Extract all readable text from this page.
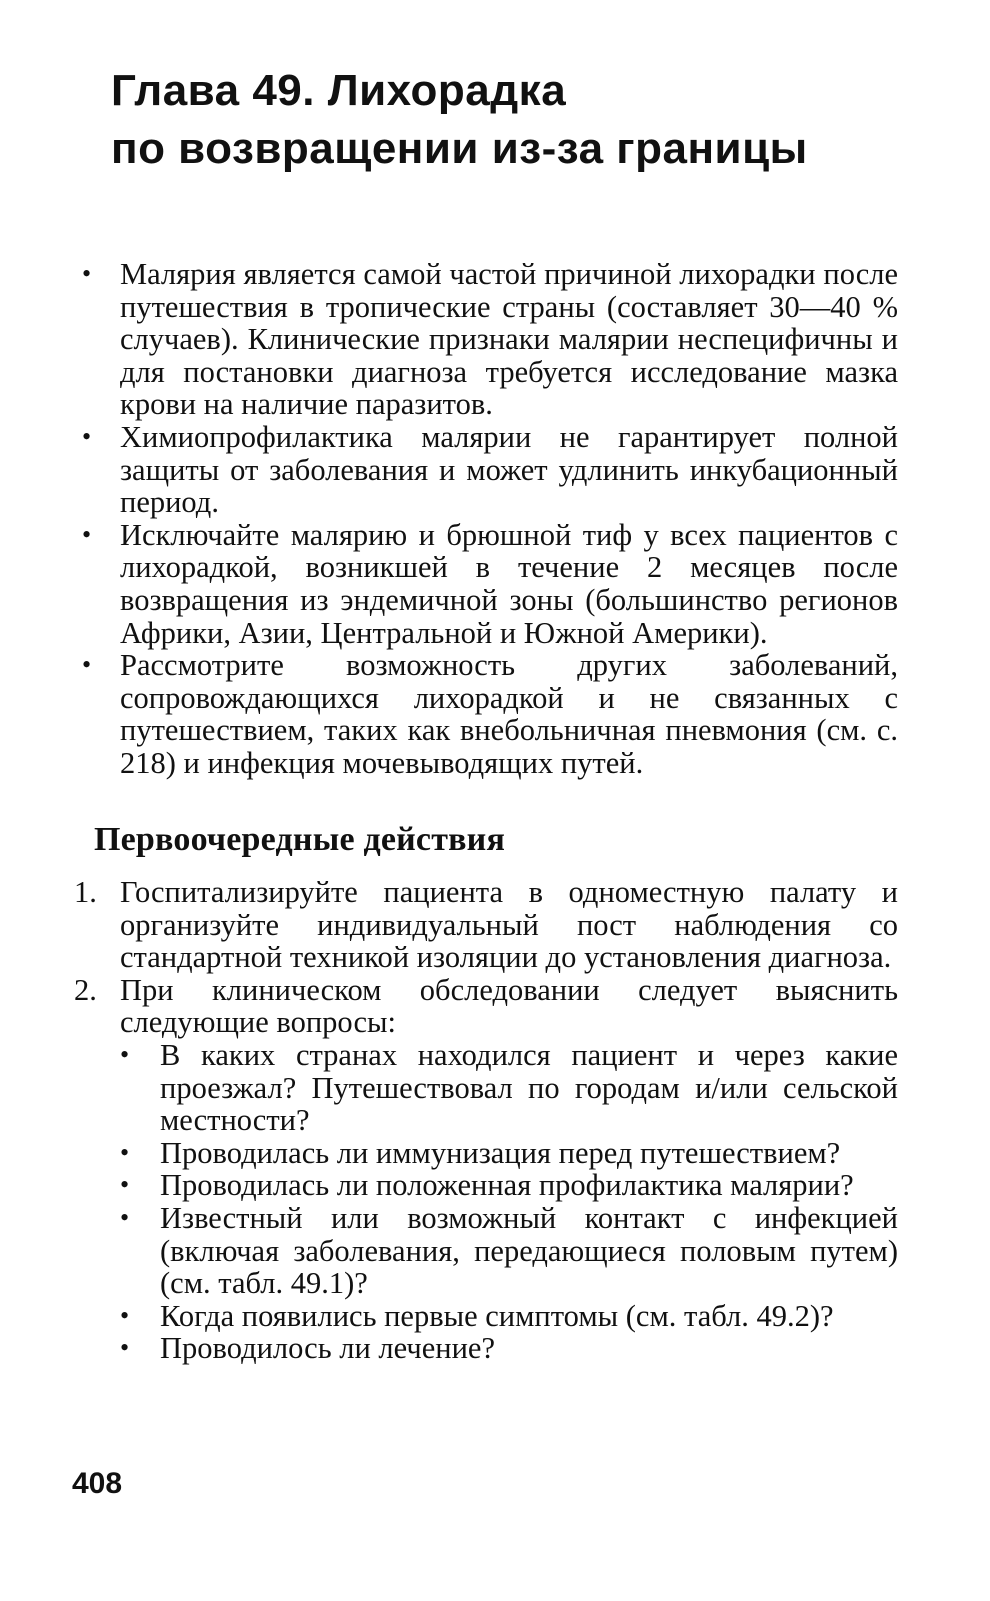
Глава 49. Лихорадка
по возвращении из-за границы
• Малярия является самой частой причиной лихорадки после путешествия в тропические страны (составляет 30—40 % случаев). Клинические признаки малярии неспецифичны и для постановки диагноза требуется исследование мазка крови на наличие паразитов.
• Химиопрофилактика малярии не гарантирует полной защиты от заболевания и может удлинить инкубационный период.
• Исключайте малярию и брюшной тиф у всех пациентов с лихорадкой, возникшей в течение 2 месяцев после возвращения из эндемичной зоны (большинство регионов Африки, Азии, Центральной и Южной Америки).
• Рассмотрите возможность других заболеваний, сопровождающихся лихорадкой и не связанных с путешествием, таких как внебольничная пневмония (см. с. 218) и инфекция мочевыводящих путей.
Первоочередные действия
1. Госпитализируйте пациента в одноместную палату и организуйте индивидуальный пост наблюдения со стандартной техникой изоляции до установления диагноза.
2. При клиническом обследовании следует выяснить следующие вопросы:
• В каких странах находился пациент и через какие проезжал? Путешествовал по городам и/или сельской местности?
• Проводилась ли иммунизация перед путешествием?
• Проводилась ли положенная профилактика малярии?
• Известный или возможный контакт с инфекцией (включая заболевания, передающиеся половым путем) (см. табл. 49.1)?
• Когда появились первые симптомы (см. табл. 49.2)?
• Проводилось ли лечение?
408
